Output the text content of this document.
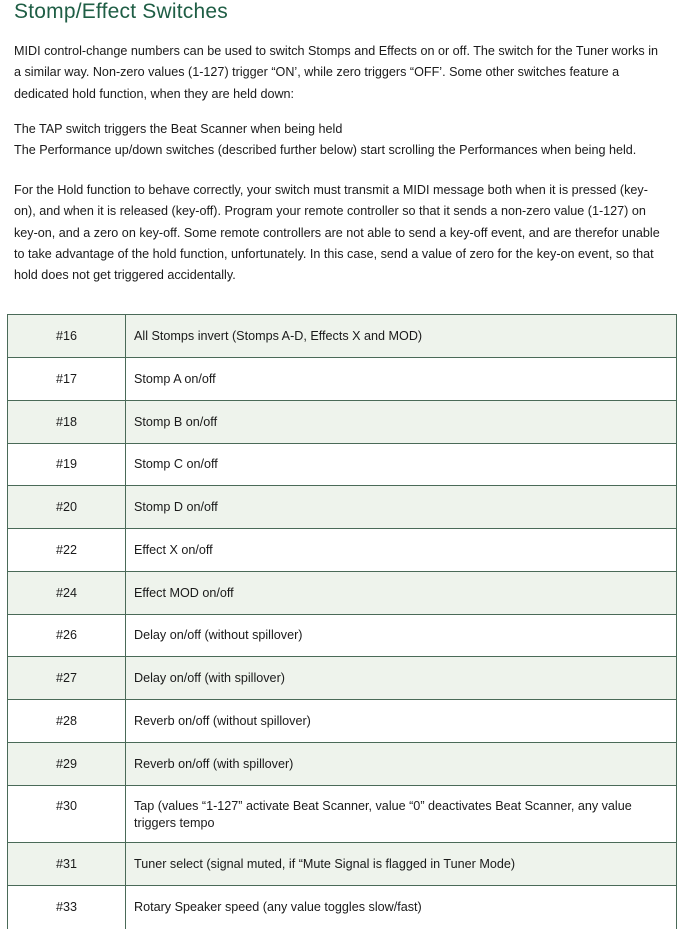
Stomp/Effect Switches

MIDI control-change numbers can be used to switch Stomps and Effects on or off. The switch for the Tuner works in
a similar way. Non-zero values (1-127) trigger “ON’, while zero triggers “OFF’. Some other switches feature a
dedicated hold function, when they are held down:

The TAP switch triggers the Beat Scanner when being held
The Performance up/down switches (described further below) start scrolling the Performances when being held.

For the Hold function to behave correctly, your switch must transmit a MIDI message both when it is pressed (key-
on), and when it is released (key-off). Program your remote controller so that it sends a non-zero value (1-127) on
key-on, and a zero on key-off. Some remote controllers are not able to send a key-off event, and are therefor unable
to take advantage of the hold function, unfortunately. In this case, send a value of zero for the key-on event, so that
hold does not get triggered accidentally.

#16	All Stomps invert (Stomps A-D, Effects X and MOD)
#17	Stomp A on/off
#18	Stomp B on/off
#19	Stomp C on/off
#20	Stomp D on/off
#22	Effect X on/off
#24	Effect MOD on/off
#26	Delay on/off (without spillover)
#27	Delay on/off (with spillover)
#28	Reverb on/off (without spillover)
#29	Reverb on/off (with spillover)
#30	Tap (values “1-127” activate Beat Scanner, value “0” deactivates Beat Scanner, any value triggers tempo
#31	Tuner select (signal muted, if “Mute Signal is flagged in Tuner Mode)
#33	Rotary Speaker speed (any value toggles slow/fast)
